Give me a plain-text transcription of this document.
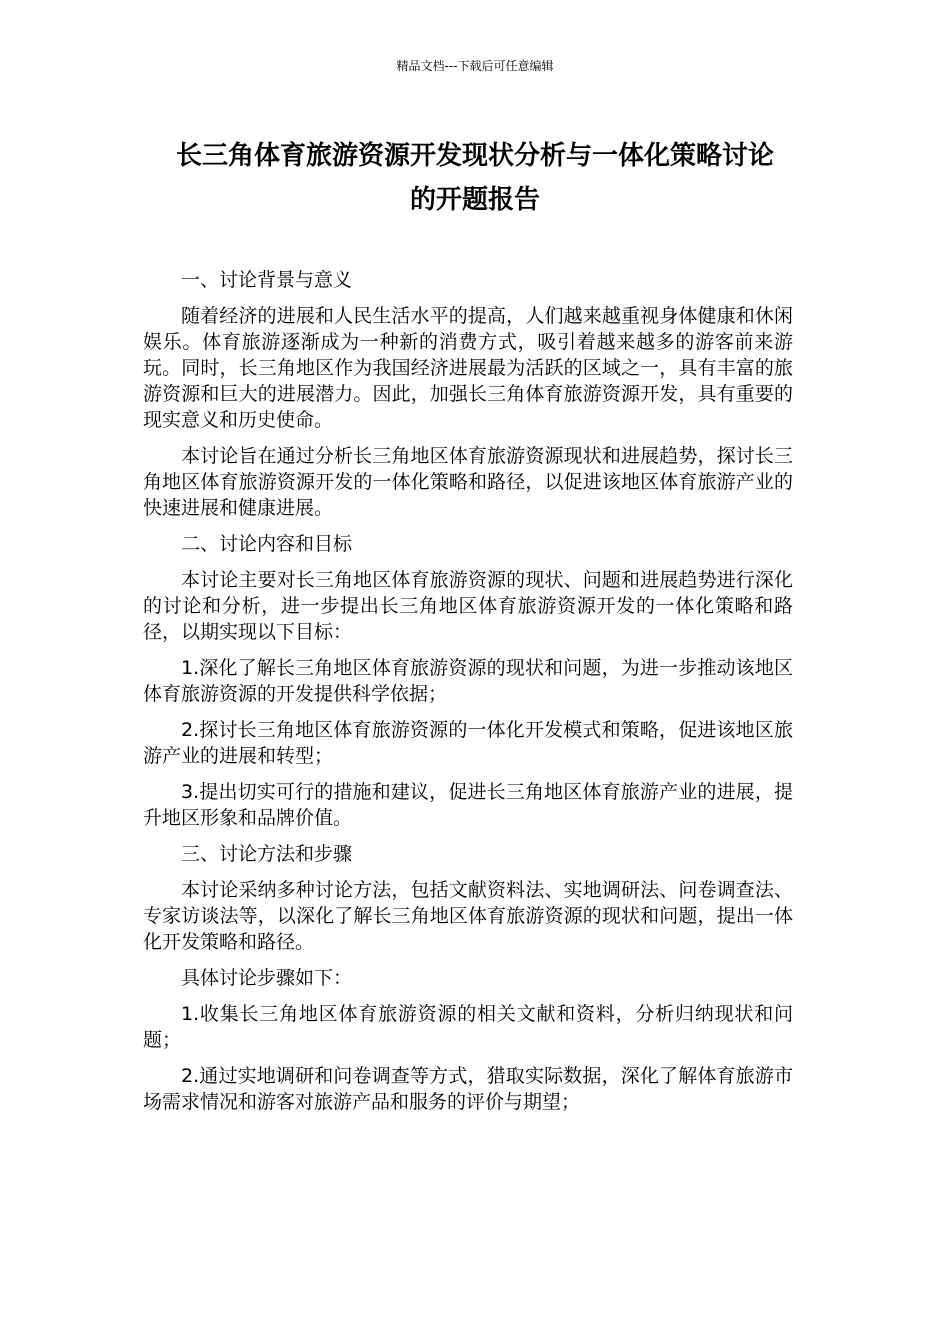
精品文档---下载后可任意编辑
长三角体育旅游资源开发现状分析与一体化策略讨论
的开题报告

一、讨论背景与意义

随着经济的进展和人民生活水平的提高，人们越来越重视身体健康和休闲娱乐。体育旅游逐渐成为一种新的消费方式，吸引着越来越多的游客前来游玩。同时，长三角地区作为我国经济进展最为活跃的区域之一，具有丰富的旅游资源和巨大的进展潜力。因此，加强长三角体育旅游资源开发，具有重要的现实意义和历史使命。

本讨论旨在通过分析长三角地区体育旅游资源现状和进展趋势，探讨长三角地区体育旅游资源开发的一体化策略和路径，以促进该地区体育旅游产业的快速进展和健康进展。

二、讨论内容和目标

本讨论主要对长三角地区体育旅游资源的现状、问题和进展趋势进行深化的讨论和分析，进一步提出长三角地区体育旅游资源开发的一体化策略和路径，以期实现以下目标：

1.深化了解长三角地区体育旅游资源的现状和问题，为进一步推动该地区体育旅游资源的开发提供科学依据；

2.探讨长三角地区体育旅游资源的一体化开发模式和策略，促进该地区旅游产业的进展和转型；

3.提出切实可行的措施和建议，促进长三角地区体育旅游产业的进展，提升地区形象和品牌价值。

三、讨论方法和步骤

本讨论采纳多种讨论方法，包括文献资料法、实地调研法、问卷调查法、专家访谈法等，以深化了解长三角地区体育旅游资源的现状和问题，提出一体化开发策略和路径。

具体讨论步骤如下：

1.收集长三角地区体育旅游资源的相关文献和资料，分析归纳现状和问题；

2.通过实地调研和问卷调查等方式，猎取实际数据，深化了解体育旅游市场需求情况和游客对旅游产品和服务的评价与期望；
